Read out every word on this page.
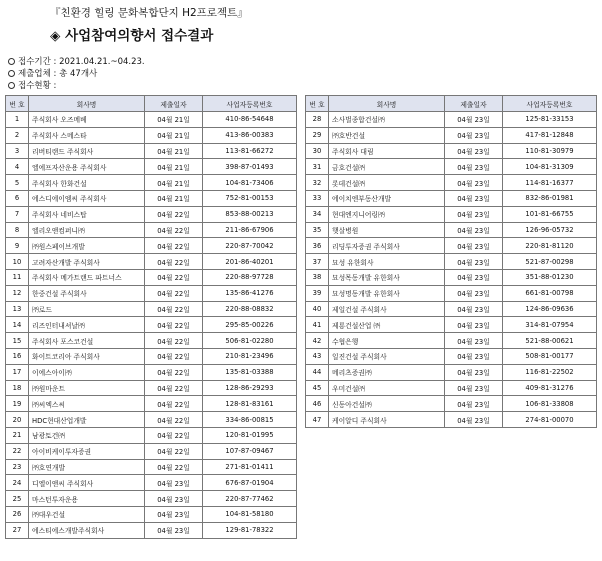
『친환경 힐링 문화복합단지 H2프로젝트』
◈ 사업참여의향서 접수결과
접수기간 : 2021.04.21.~04.23.
제출업체 : 총 47개사
접수현황 :
번 호	회사명	제출일자	사업자등록번호
1	주식회사 오즈메베	04월 21일	410-86-54648
2	주식회사 스메스타	04월 21일	413-86-00383
3	리버티랜드 주식회사	04월 21일	113-81-66272
4	엘에프자산운용 주식회사	04월 21일	398-87-01493
5	주식회사 한화건설	04월 21일	104-81-73406
6	에스디에이엠씨 주식회사	04월 21일	752-81-00153
7	주식회사 네비스탑	04월 22일	853-88-00213
8	엘리오앤컴퍼니㈜	04월 22일	211-86-67906
9	㈜원스페이브개발	04월 22일	220-87-70042
10	고려자산개발 주식회사	04월 22일	201-86-40201
11	주식회사 메가트랜드 파트너스	04월 22일	220-88-97728
12	한중건설 주식회사	04월 22일	135-86-41276
13	㈜로드	04월 22일	220-88-08832
14	리즈인터내셔날㈜	04월 22일	295-85-00226
15	주식회사 포스코건설	04월 22일	506-81-02280
16	화이트코리아 주식회사	04월 22일	210-81-23496
17	이에스아이㈜	04월 22일	135-81-03388
18	㈜원마운트	04월 22일	128-86-29293
19	㈜씨엑스씨	04월 22일	128-81-83161
20	HDC현대산업개발	04월 22일	334-86-00815
21	남광토건㈜	04월 22일	120-81-01995
22	아이비케이투자증권	04월 22일	107-87-09467
23	㈜호연개발	04월 22일	271-81-01411
24	디엘이앤씨 주식회사	04월 23일	676-87-01904
25	마스턴투자운용	04월 23일	220-87-77462
26	㈜대우건설	04월 23일	104-81-58180
27	에스티에스개발주식회사	04월 23일	129-81-78322
번 호	회사명	제출일자	사업자등록번호
28	소사벌종합건설㈜	04월 23일	125-81-33153
29	㈜호반건설	04월 23일	417-81-12848
30	주식회사 대림	04월 23일	110-81-30979
31	금호건설㈜	04월 23일	104-81-31309
32	롯데건설㈜	04월 23일	114-81-16377
33	에이치엔부동산개발	04월 23일	832-86-01981
34	현대엔지니어링㈜	04월 23일	101-81-66755
35	햇살병원	04월 23일	126-96-05732
36	리딩투자증권 주식회사	04월 23일	220-81-81120
37	묘성 유한회사	04월 23일	521-87-00298
38	묘성목동개발 유한회사	04월 23일	351-88-01230
39	묘성명동개발 유한회사	04월 23일	661-81-00798
40	제일건설 주식회사	04월 23일	124-86-09636
41	제룡건설산업 ㈜	04월 23일	314-81-07954
42	수협은행	04월 23일	521-88-00621
43	일진건설 주식회사	04월 23일	508-81-00177
44	메리츠증권㈜	04월 23일	116-81-22502
45	우미건설㈜	04월 23일	409-81-31276
46	신동아건설㈜	04월 23일	106-81-33808
47	케이알디 주식회사	04월 23일	274-81-00070
